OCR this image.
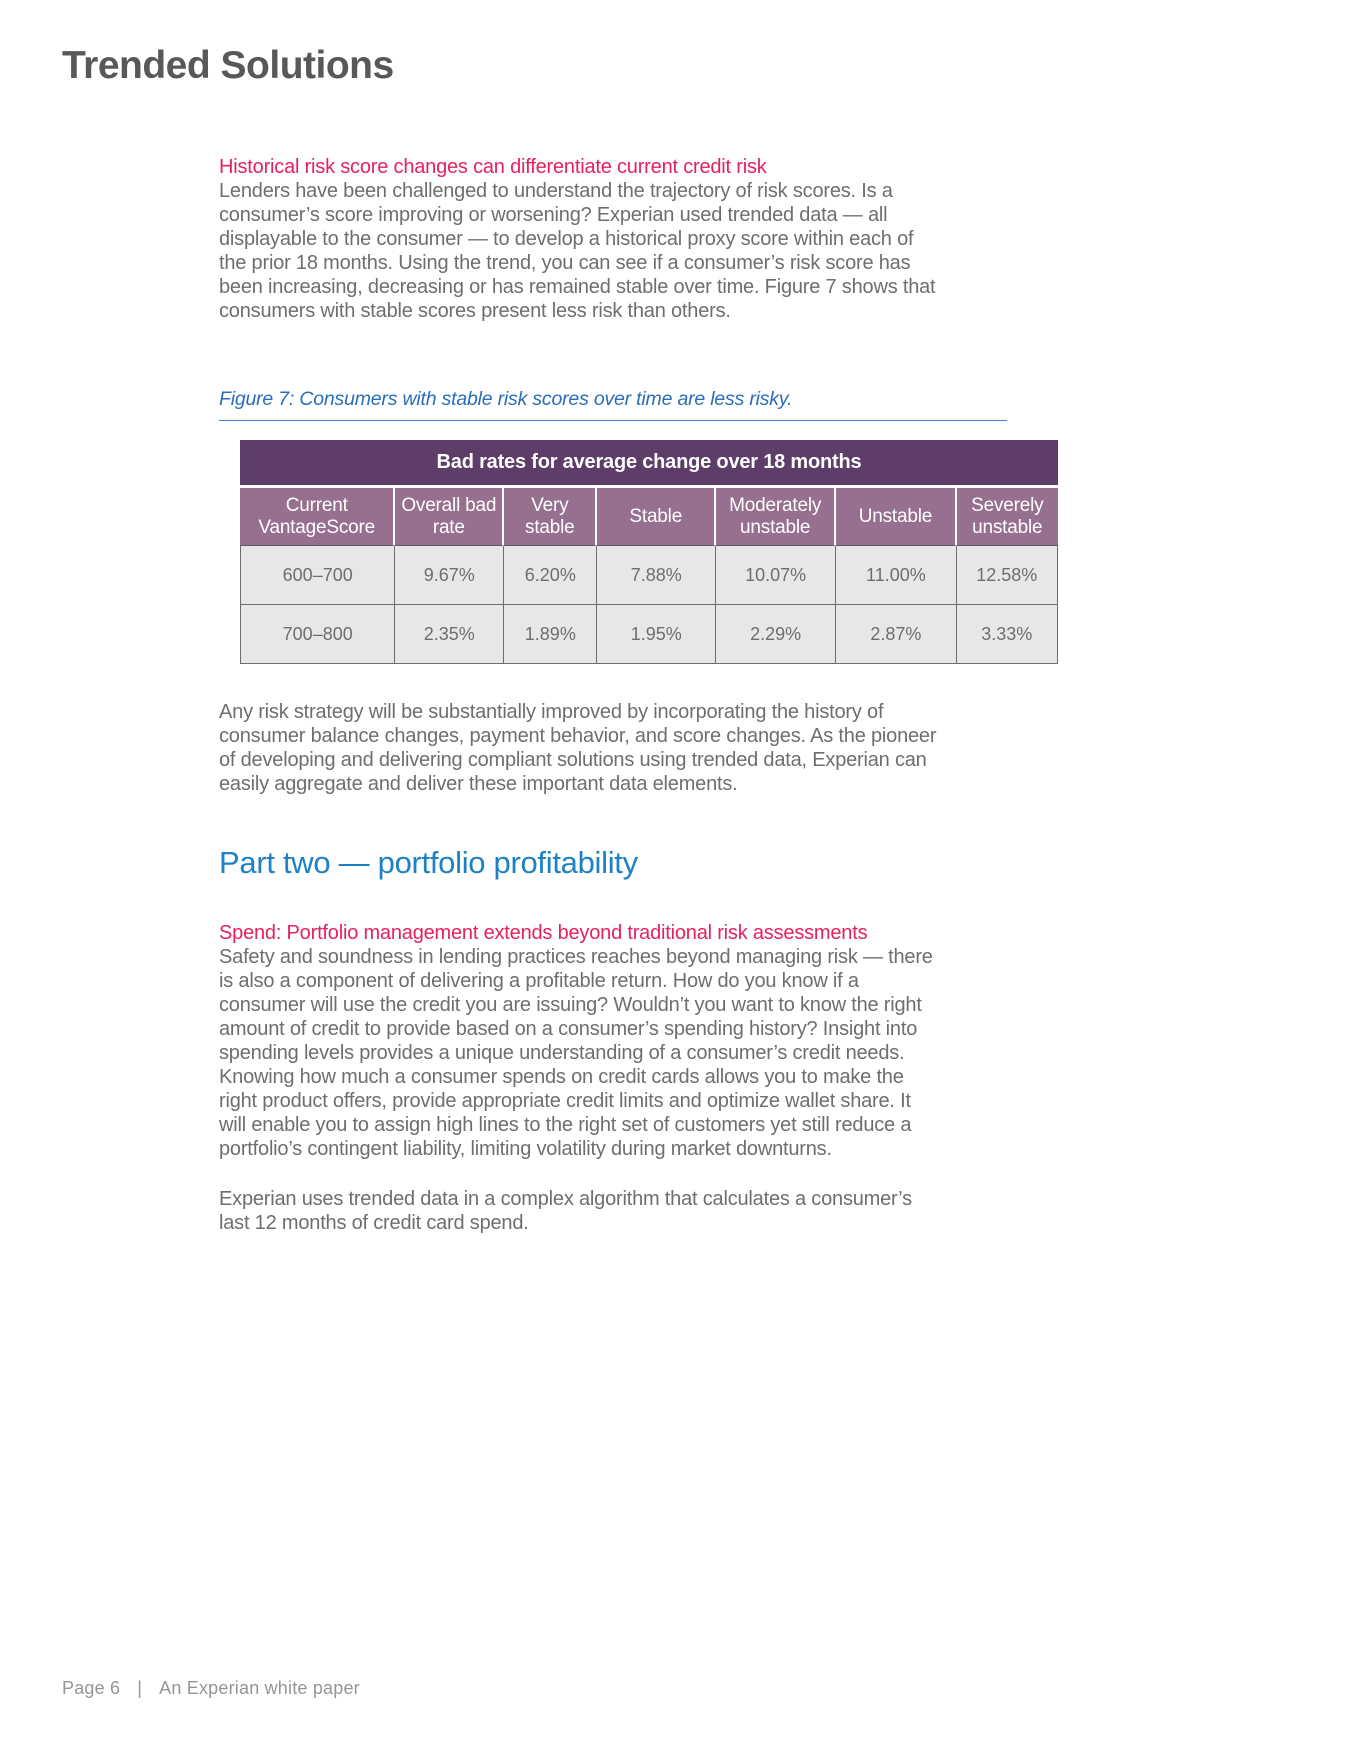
Trended Solutions
Historical risk score changes can differentiate current credit risk

Lenders have been challenged to understand the trajectory of risk scores. Is a consumer’s score improving or worsening? Experian used trended data — all displayable to the consumer — to develop a historical proxy score within each of the prior 18 months. Using the trend, you can see if a consumer’s risk score has been increasing, decreasing or has remained stable over time. Figure 7 shows that consumers with stable scores present less risk than others.

Figure 7: Consumers with stable risk scores over time are less risky.
Bad rates for average change over 18 months						
Current VantageScore	Overall bad rate	Very stable	Stable	Moderately unstable	Unstable	Severely unstable
600–700	9.67%	6.20%	7.88%	10.07%	11.00%	12.58%
700–800	2.35%	1.89%	1.95%	2.29%	2.87%	3.33%

Any risk strategy will be substantially improved by incorporating the history of consumer balance changes, payment behavior, and score changes. As the pioneer of developing and delivering compliant solutions using trended data, Experian can easily aggregate and deliver these important data elements.

Part two — portfolio profitability
Spend: Portfolio management extends beyond traditional risk assessments

Safety and soundness in lending practices reaches beyond managing risk — there is also a component of delivering a profitable return. How do you know if a consumer will use the credit you are issuing? Wouldn’t you want to know the right amount of credit to provide based on a consumer’s spending history? Insight into spending levels provides a unique understanding of a consumer’s credit needs. Knowing how much a consumer spends on credit cards allows you to make the right product offers, provide appropriate credit limits and optimize wallet share. It will enable you to assign high lines to the right set of customers yet still reduce a portfolio’s contingent liability, limiting volatility during market downturns.

Experian uses trended data in a complex algorithm that calculates a consumer’s last 12 months of credit card spend.

Page 6 | An Experian white paper
